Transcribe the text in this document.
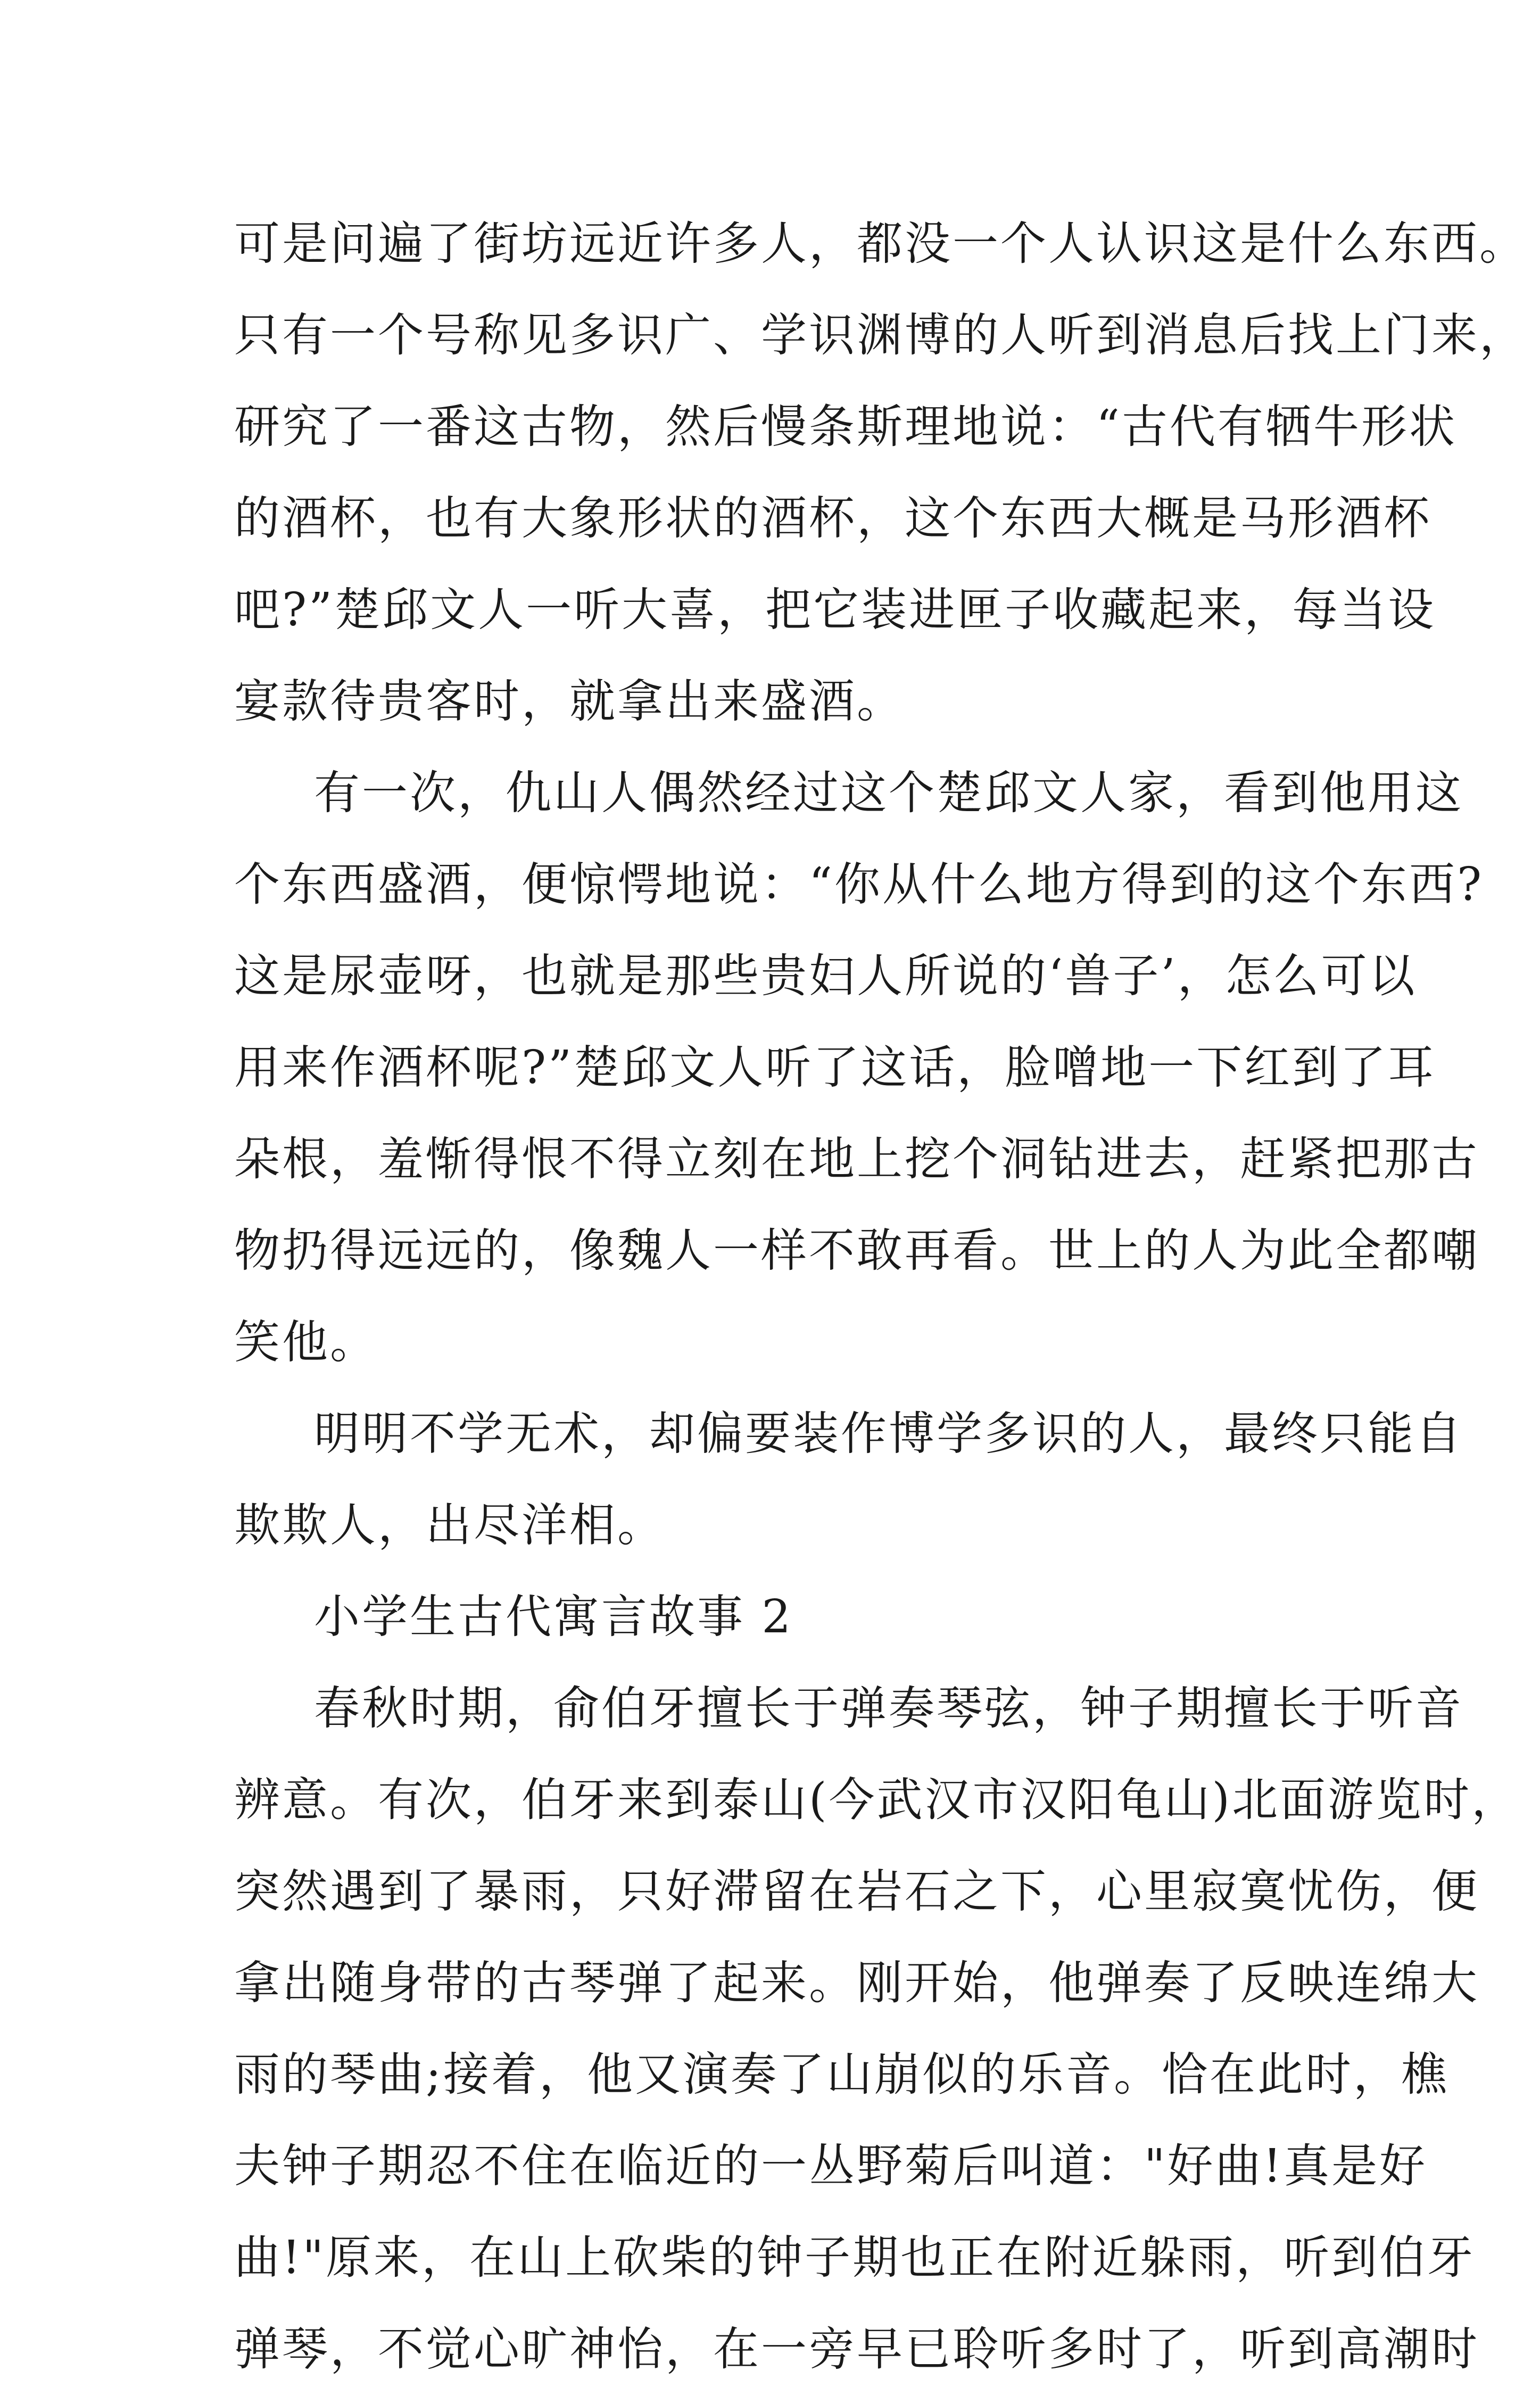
可是问遍了街坊远近许多人，都没一个人认识这是什么东西。
只有一个号称见多识广、学识渊博的人听到消息后找上门来，
研究了一番这古物，然后慢条斯理地说：“古代有牺牛形状
的酒杯，也有大象形状的酒杯，这个东西大概是马形酒杯
吧?”楚邱文人一听大喜，把它装进匣子收藏起来，每当设
宴款待贵客时，就拿出来盛酒。
有一次，仇山人偶然经过这个楚邱文人家，看到他用这
个东西盛酒，便惊愕地说：“你从什么地方得到的这个东西?
这是尿壶呀，也就是那些贵妇人所说的‘兽子’，怎么可以
用来作酒杯呢?”楚邱文人听了这话，脸噌地一下红到了耳
朵根，羞惭得恨不得立刻在地上挖个洞钻进去，赶紧把那古
物扔得远远的，像魏人一样不敢再看。世上的人为此全都嘲
笑他。
明明不学无术，却偏要装作博学多识的人，最终只能自
欺欺人，出尽洋相。
小学生古代寓言故事 2
春秋时期，俞伯牙擅长于弹奏琴弦，钟子期擅长于听音
辨意。有次，伯牙来到泰山(今武汉市汉阳龟山)北面游览时，
突然遇到了暴雨，只好滞留在岩石之下，心里寂寞忧伤，便
拿出随身带的古琴弹了起来。刚开始，他弹奏了反映连绵大
雨的琴曲;接着，他又演奏了山崩似的乐音。恰在此时，樵
夫钟子期忍不住在临近的一丛野菊后叫道："好曲!真是好
曲!"原来，在山上砍柴的钟子期也正在附近躲雨，听到伯牙
弹琴，不觉心旷神怡，在一旁早已聆听多时了，听到高潮时
